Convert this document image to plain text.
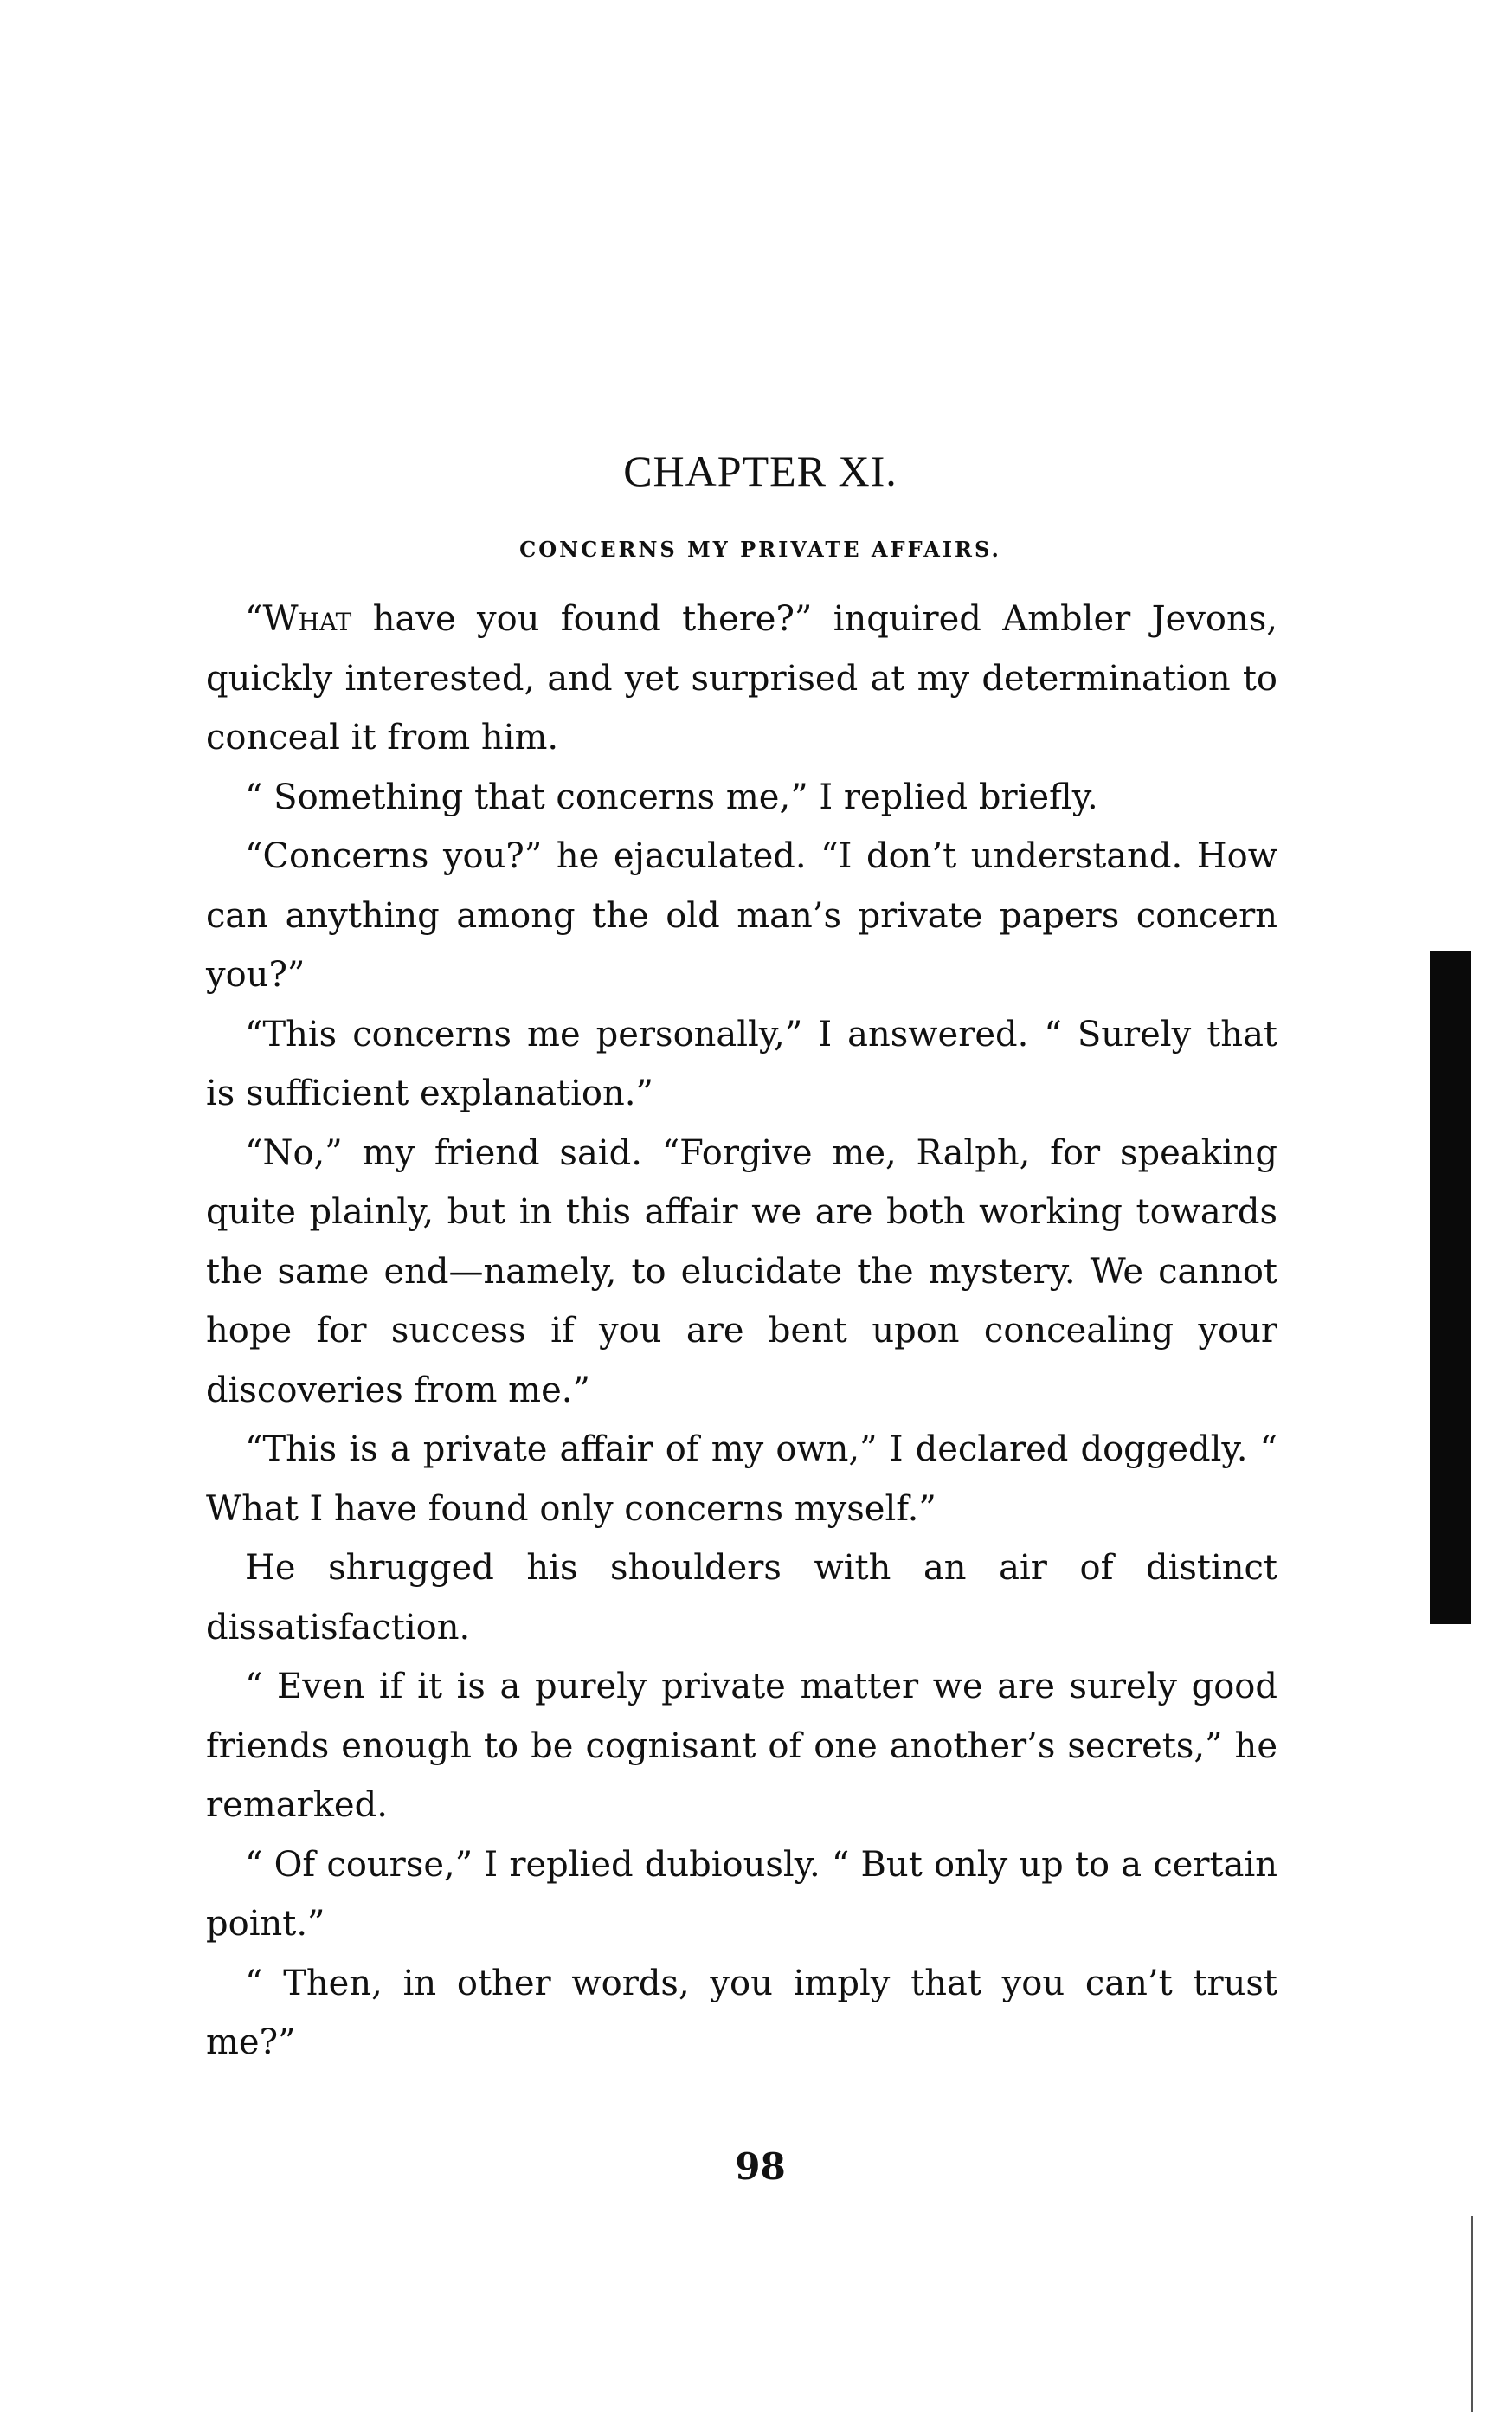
CHAPTER XI.
CONCERNS MY PRIVATE AFFAIRS.

“What have you found there?” inquired Ambler Jevons, quickly interested, and yet surprised at my determination to conceal it from him.

“ Something that concerns me,” I replied briefly.

“Concerns you?” he ejaculated. “I don’t understand. How can anything among the old man’s private papers concern you?”

“This concerns me personally,” I answered. “ Surely that is sufficient explanation.”

“No,” my friend said. “Forgive me, Ralph, for speaking quite plainly, but in this affair we are both working towards the same end—namely, to elucidate the mystery. We cannot hope for success if you are bent upon concealing your discoveries from me.”

“This is a private affair of my own,” I declared doggedly. “ What I have found only concerns myself.”

He shrugged his shoulders with an air of distinct dissatisfaction.

“ Even if it is a purely private matter we are surely good friends enough to be cognisant of one another’s secrets,” he remarked.

“ Of course,” I replied dubiously. “ But only up to a certain point.”

“ Then, in other words, you imply that you can’t trust me?”

98
